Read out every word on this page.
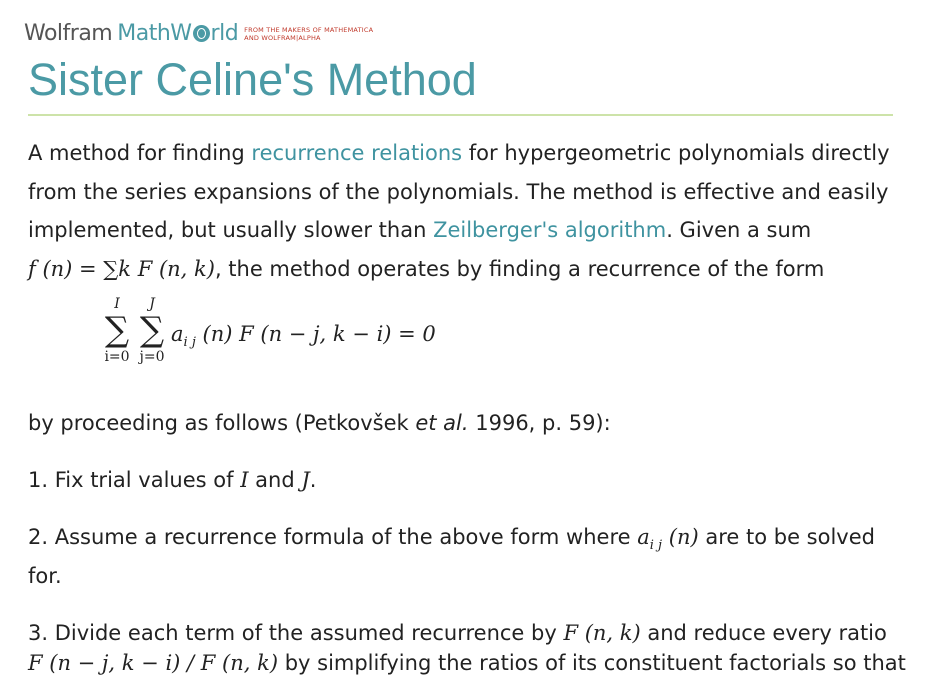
Wolfram MathW rld FROM THE MAKERS OF MATHEMATICA
AND WOLFRAM|ALPHA
Sister Celine's Method

A method for finding recurrence relations for hypergeometric polynomials directly from the series expansions of the polynomials. The method is effective and easily implemented, but usually slower than Zeilberger's algorithm. Given a sum
f (n) = ∑k F (n, k), the method operates by finding a recurrence of the form

I
∑
i=0
J
∑
j=0
$a_{i j}$ (n) F (n − j, k − i) = 0

by proceeding as follows (Petkovšek et al. 1996, p. 59):

1. Fix trial values of I and J.

2. Assume a recurrence formula of the above form where $a_{i j}$ (n) are to be solved for.

3. Divide each term of the assumed recurrence by F (n, k) and reduce every ratio
F (n − j, k − i) / F (n, k) by simplifying the ratios of its constituent factorials so that
